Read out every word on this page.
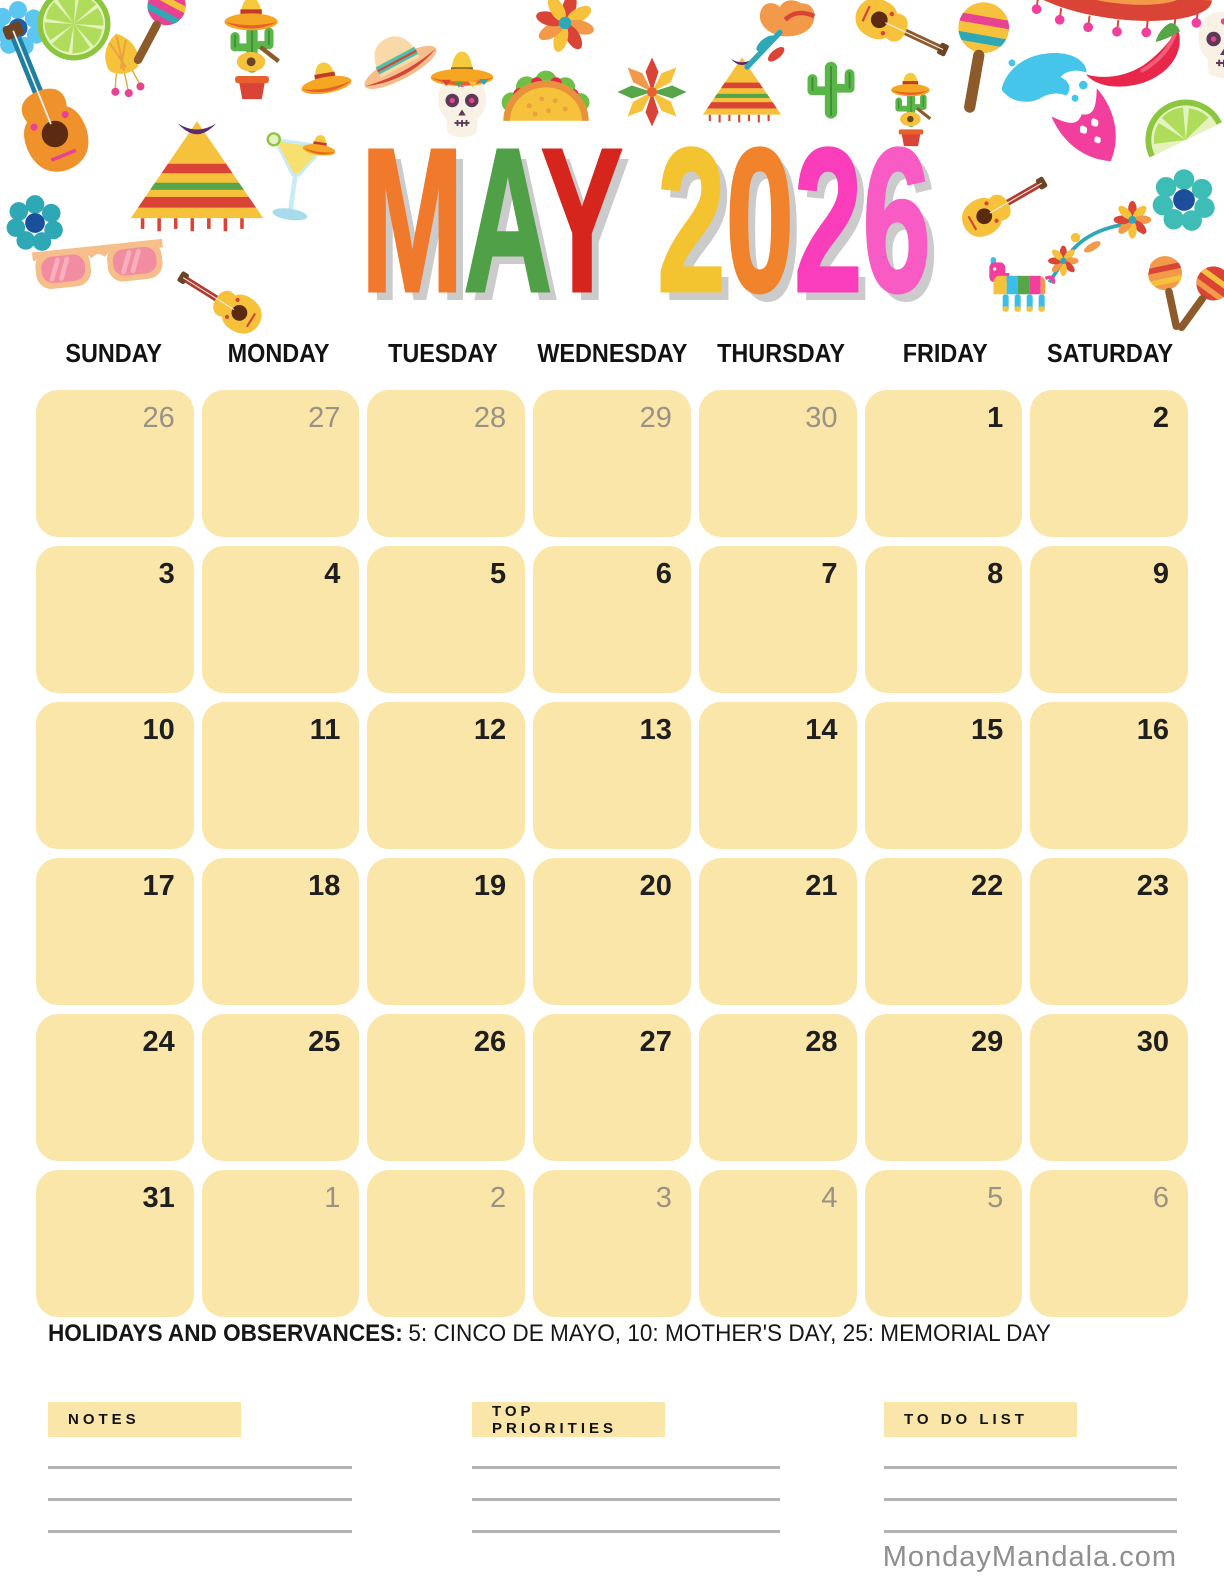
MAY 2026
SUNDAY	MONDAY	TUESDAY	WEDNESDAY	THURSDAY	FRIDAY	SATURDAY
26	27	28	29	30	1	2
3	4	5	6	7	8	9
10	11	12	13	14	15	16
17	18	19	20	21	22	23
24	25	26	27	28	29	30
31	1	2	3	4	5	6

HOLIDAYS AND OBSERVANCES: 5: CINCO DE MAYO, 10: MOTHER'S DAY, 25: MEMORIAL DAY

NOTES	TOP PRIORITIES	TO DO LIST
MondayMandala.com
